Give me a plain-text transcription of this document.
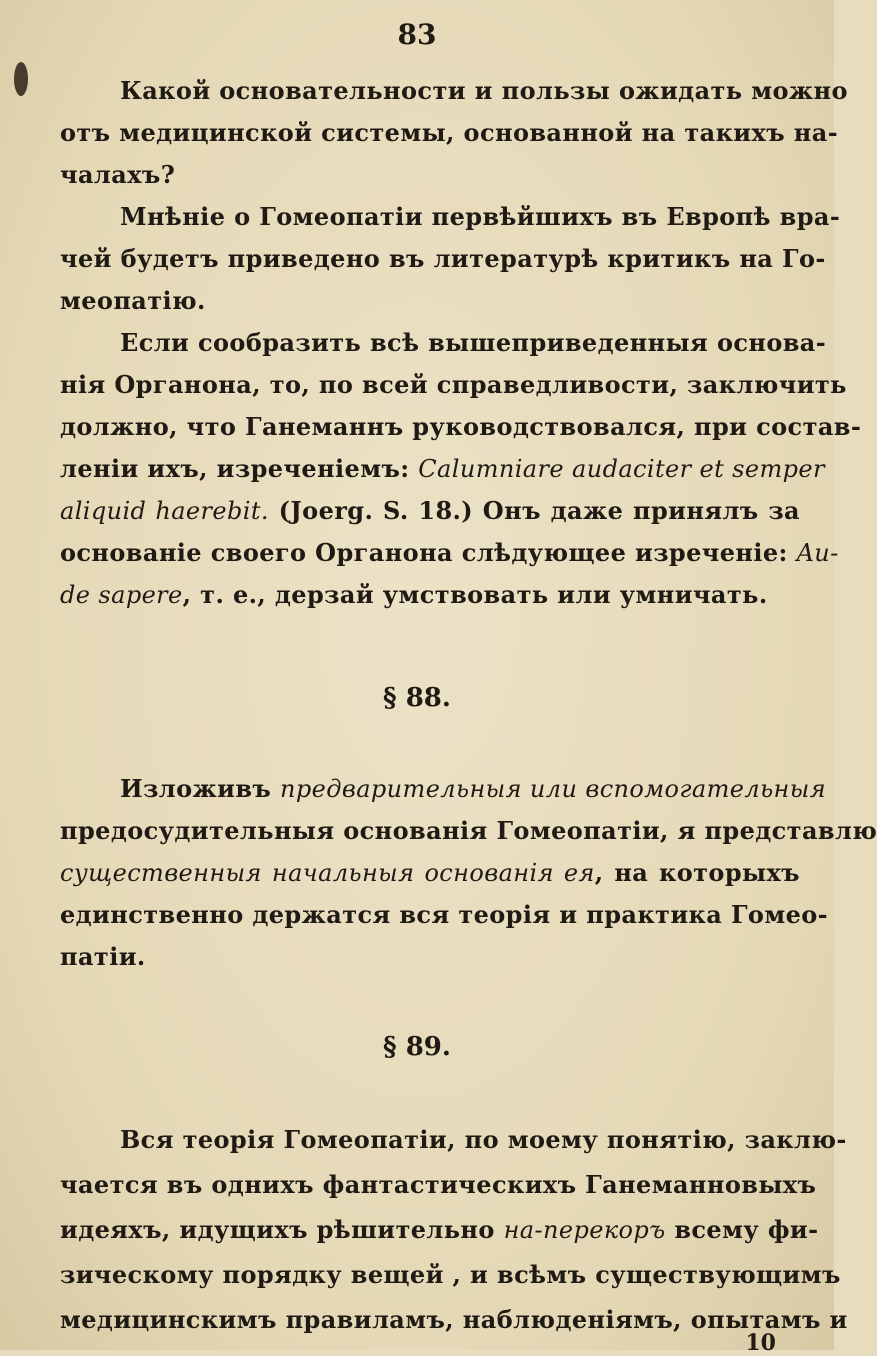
83
Какой основательности и пользы ожидать можно
отъ медицинской системы, основанной на такихъ на-
чалахъ?
Мнѣніе о Гомеопатіи первѣйшихъ въ Европѣ вра-
чей будетъ приведено въ литературѣ критикъ на Го-
меопатію.
Если сообразить всѣ вышеприведенныя основа-
нія Органона, то, по всей справедливости, заключить
должно, что Ганеманнъ руководствовался, при состав-
леніи ихъ, изреченіемъ: Calumniare audaciter et semper
aliquid haerebit. (Joerg. S. 18.) Онъ даже принялъ за
основаніе своего Органона слѣдующее изреченіе: Au-
de sapere, т. е., дерзай умствовать или умничать.
§ 88.
Изложивъ предварительныя или вспомогательныя
предосудительныя основанія Гомеопатіи, я представлю
существенныя начальныя основанія ея, на которыхъ
единственно держатся вся теорія и практика Гомео-
патіи.
§ 89.
Вся теорія Гомеопатіи, по моему понятію, заклю-
чается въ однихъ фантастическихъ Ганеманновыхъ
идеяхъ, идущихъ рѣшительно на-перекоръ всему фи-
зическому порядку вещей , и всѣмъ существующимъ
медицинскимъ правиламъ, наблюденіямъ, опытамъ и
10
